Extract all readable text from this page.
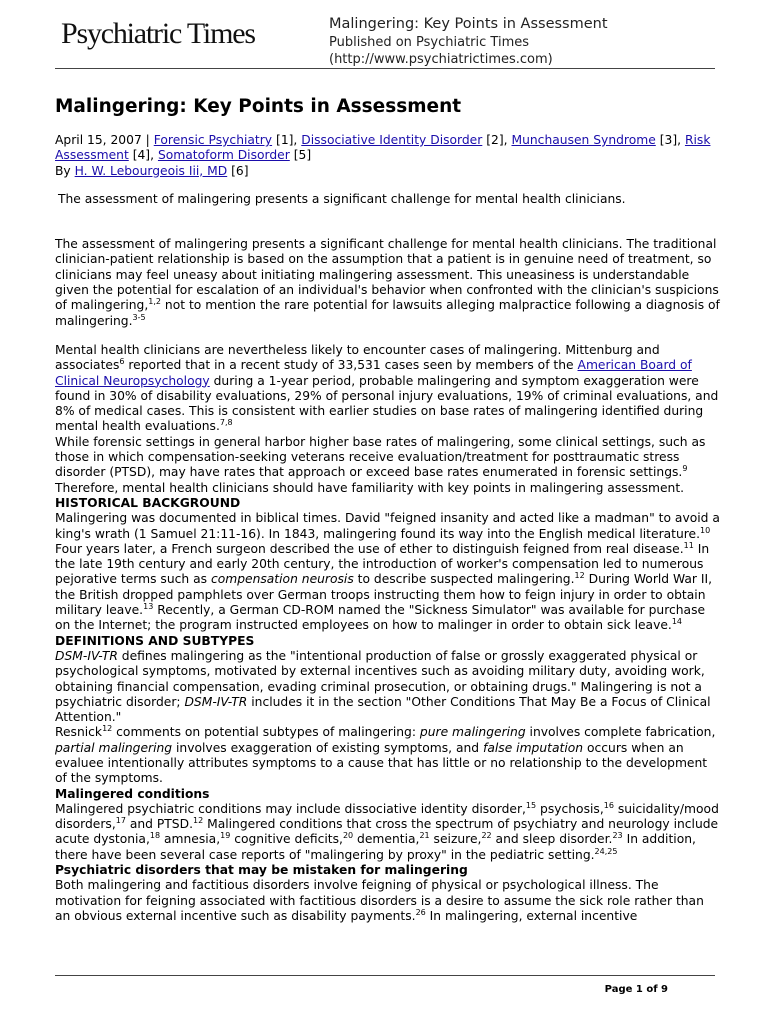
Psychiatric Times	Malingering: Key Points in Assessment
Published on Psychiatric Times
(http://www.psychiatrictimes.com)
Malingering: Key Points in Assessment
April 15, 2007 | Forensic Psychiatry [1], Dissociative Identity Disorder [2], Munchausen Syndrome [3], Risk Assessment [4], Somatoform Disorder [5]
By H. W. Lebourgeois Iii, MD [6]

The assessment of malingering presents a significant challenge for mental health clinicians.

The assessment of malingering presents a significant challenge for mental health clinicians. The traditional clinician-patient relationship is based on the assumption that a patient is in genuine need of treatment, so clinicians may feel uneasy about initiating malingering assessment. This uneasiness is understandable given the potential for escalation of an individual's behavior when confronted with the clinician's suspicions of malingering,$^{1,2}$ not to mention the rare potential for lawsuits alleging malpractice following a diagnosis of malingering.$^{3-5}$

Mental health clinicians are nevertheless likely to encounter cases of malingering. Mittenburg and associates$^6$ reported that in a recent study of 33,531 cases seen by members of the American Board of Clinical Neuropsychology during a 1-year period, probable malingering and symptom exaggeration were found in 30% of disability evaluations, 29% of personal injury evaluations, 19% of criminal evaluations, and 8% of medical cases. This is consistent with earlier studies on base rates of malingering identified during mental health evaluations.$^{7,8}$

While forensic settings in general harbor higher base rates of malingering, some clinical settings, such as those in which compensation-seeking veterans receive evaluation/treatment for posttraumatic stress disorder (PTSD), may have rates that approach or exceed base rates enumerated in forensic settings.$^9$ Therefore, mental health clinicians should have familiarity with key points in malingering assessment.

HISTORICAL BACKGROUND

Malingering was documented in biblical times. David "feigned insanity and acted like a madman" to avoid a king's wrath (1 Samuel 21:11-16). In 1843, malingering found its way into the English medical literature.$^{10}$ Four years later, a French surgeon described the use of ether to distinguish feigned from real disease.$^{11}$ In the late 19th century and early 20th century, the introduction of worker's compensation led to numerous pejorative terms such as compensation neurosis to describe suspected malingering.$^{12}$ During World War II, the British dropped pamphlets over German troops instructing them how to feign injury in order to obtain military leave.$^{13}$ Recently, a German CD-ROM named the "Sickness Simulator" was available for purchase on the Internet; the program instructed employees on how to malinger in order to obtain sick leave.$^{14}$

DEFINITIONS AND SUBTYPES

DSM-IV-TR defines malingering as the "intentional production of false or grossly exaggerated physical or psychological symptoms, motivated by external incentives such as avoiding military duty, avoiding work, obtaining financial compensation, evading criminal prosecution, or obtaining drugs." Malingering is not a psychiatric disorder; DSM-IV-TR includes it in the section "Other Conditions That May Be a Focus of Clinical Attention."

Resnick$^{12}$ comments on potential subtypes of malingering: pure malingering involves complete fabrication, partial malingering involves exaggeration of existing symptoms, and false imputation occurs when an evaluee intentionally attributes symptoms to a cause that has little or no relationship to the development of the symptoms.

Malingered conditions

Malingered psychiatric conditions may include dissociative identity disorder,$^{15}$ psychosis,$^{16}$ suicidality/mood disorders,$^{17}$ and PTSD.$^{12}$ Malingered conditions that cross the spectrum of psychiatry and neurology include acute dystonia,$^{18}$ amnesia,$^{19}$ cognitive deficits,$^{20}$ dementia,$^{21}$ seizure,$^{22}$ and sleep disorder.$^{23}$ In addition, there have been several case reports of "malingering by proxy" in the pediatric setting.$^{24,25}$

Psychiatric disorders that may be mistaken for malingering

Both malingering and factitious disorders involve feigning of physical or psychological illness. The motivation for feigning associated with factitious disorders is a desire to assume the sick role rather than an obvious external incentive such as disability payments.$^{26}$ In malingering, external incentive

Page 1 of 9
